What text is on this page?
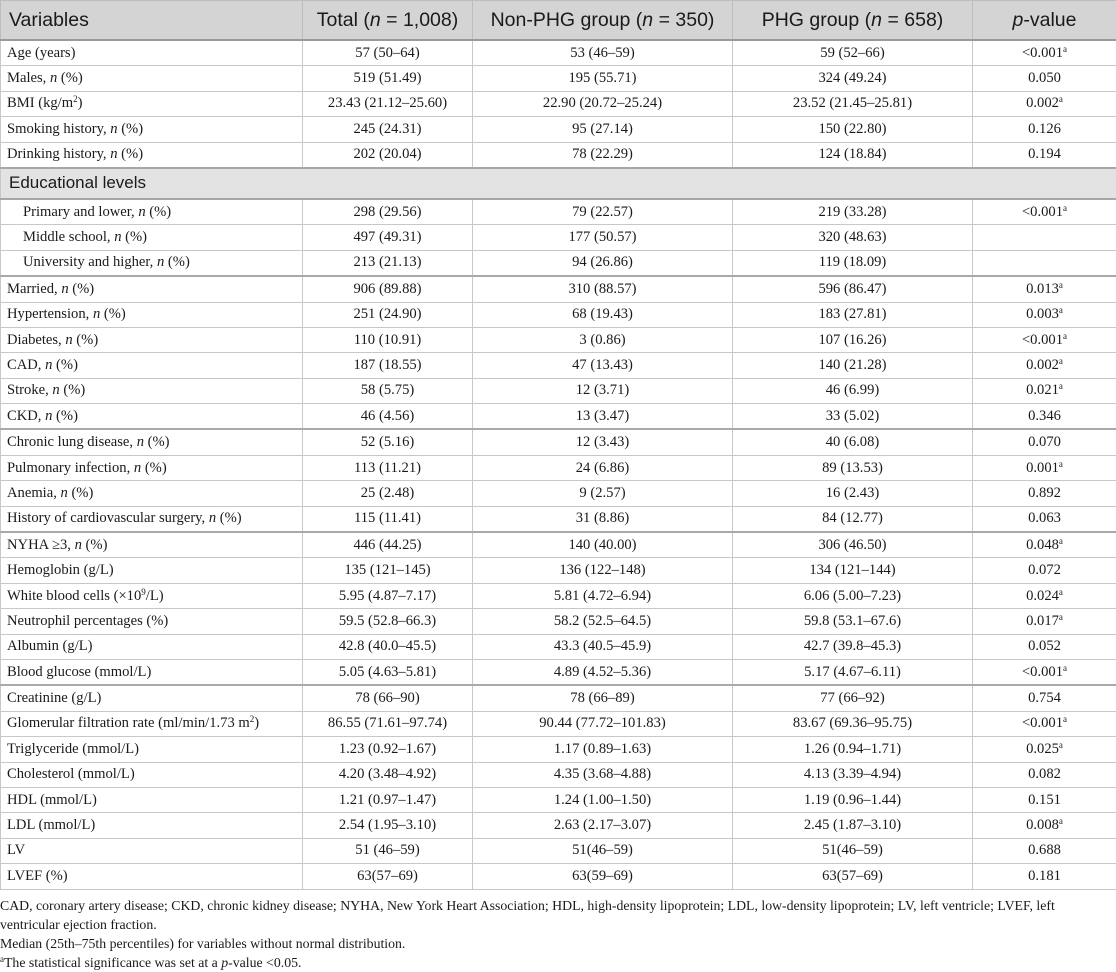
Variables	Total (n = 1,008)	Non-PHG group (n = 350)	PHG group (n = 658)	p-value
Age (years)	57 (50–64)	53 (46–59)	59 (52–66)	<0.001$^a$
Males, n (%)	519 (51.49)	195 (55.71)	324 (49.24)	0.050
BMI $(kg/m^2)$	23.43 (21.12–25.60)	22.90 (20.72–25.24)	23.52 (21.45–25.81)	0.002$^a$
Smoking history, n (%)	245 (24.31)	95 (27.14)	150 (22.80)	0.126
Drinking history, n (%)	202 (20.04)	78 (22.29)	124 (18.84)	0.194
Educational levels				
Primary and lower, n (%)	298 (29.56)	79 (22.57)	219 (33.28)	<0.001$^a$
Middle school, n (%)	497 (49.31)	177 (50.57)	320 (48.63)	
University and higher, n (%)	213 (21.13)	94 (26.86)	119 (18.09)	
Married, n (%)	906 (89.88)	310 (88.57)	596 (86.47)	0.013$^a$
Hypertension, n (%)	251 (24.90)	68 (19.43)	183 (27.81)	0.003$^a$
Diabetes, n (%)	110 (10.91)	3 (0.86)	107 (16.26)	<0.001$^a$
CAD, n (%)	187 (18.55)	47 (13.43)	140 (21.28)	0.002$^a$
Stroke, n (%)	58 (5.75)	12 (3.71)	46 (6.99)	0.021$^a$
CKD, n (%)	46 (4.56)	13 (3.47)	33 (5.02)	0.346
Chronic lung disease, n (%)	52 (5.16)	12 (3.43)	40 (6.08)	0.070
Pulmonary infection, n (%)	113 (11.21)	24 (6.86)	89 (13.53)	0.001$^a$
Anemia, n (%)	25 (2.48)	9 (2.57)	16 (2.43)	0.892
History of cardiovascular surgery, n (%)	115 (11.41)	31 (8.86)	84 (12.77)	0.063
NYHA ≥3, n (%)	446 (44.25)	140 (40.00)	306 (46.50)	0.048$^a$
Hemoglobin (g/L)	135 (121–145)	136 (122–148)	134 (121–144)	0.072
White blood cells $(\times 10^9/L)$	5.95 (4.87–7.17)	5.81 (4.72–6.94)	6.06 (5.00–7.23)	0.024$^a$
Neutrophil percentages (%)	59.5 (52.8–66.3)	58.2 (52.5–64.5)	59.8 (53.1–67.6)	0.017$^a$
Albumin (g/L)	42.8 (40.0–45.5)	43.3 (40.5–45.9)	42.7 (39.8–45.3)	0.052
Blood glucose (mmol/L)	5.05 (4.63–5.81)	4.89 (4.52–5.36)	5.17 (4.67–6.11)	<0.001$^a$
Creatinine (g/L)	78 (66–90)	78 (66–89)	77 (66–92)	0.754
Glomerular filtration rate (ml/min/1.73 $m^2$)	86.55 (71.61–97.74)	90.44 (77.72–101.83)	83.67 (69.36–95.75)	<0.001$^a$
Triglyceride (mmol/L)	1.23 (0.92–1.67)	1.17 (0.89–1.63)	1.26 (0.94–1.71)	0.025$^a$
Cholesterol (mmol/L)	4.20 (3.48–4.92)	4.35 (3.68–4.88)	4.13 (3.39–4.94)	0.082
HDL (mmol/L)	1.21 (0.97–1.47)	1.24 (1.00–1.50)	1.19 (0.96–1.44)	0.151
LDL (mmol/L)	2.54 (1.95–3.10)	2.63 (2.17–3.07)	2.45 (1.87–3.10)	0.008$^a$
LV	51 (46–59)	51(46–59)	51(46–59)	0.688
LVEF (%)	63(57–69)	63(59–69)	63(57–69)	0.181

CAD, coronary artery disease; CKD, chronic kidney disease; NYHA, New York Heart Association; HDL, high-density lipoprotein; LDL, low-density lipoprotein; LV, left ventricle; LVEF, left ventricular ejection fraction.

Median (25th–75th percentiles) for variables without normal distribution.

$^a$The statistical significance was set at a p-value <0.05.
